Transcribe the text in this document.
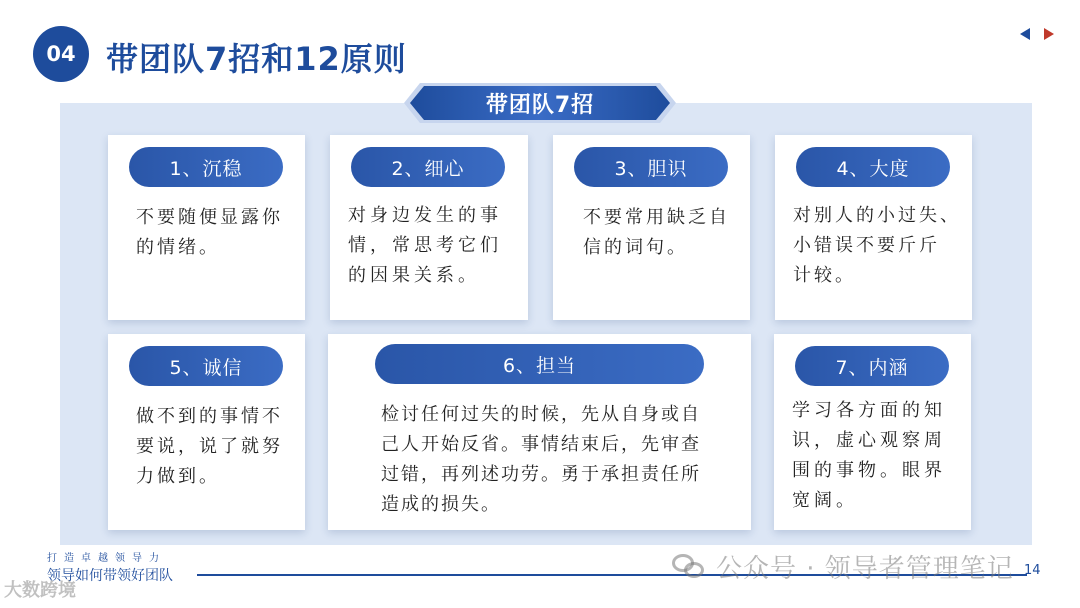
04 带团队7招和12原则
带团队7招
1、沉稳
不要随便显露你
的情绪。
2、细心
对身边发生的事
情，常思考它们
的因果关系。
3、胆识
不要常用缺乏自
信的词句。
4、大度
对别人的小过失、
小错误不要斤斤
计较。
5、诚信
做不到的事情不
要说，说了就努
力做到。
6、担当
检讨任何过失的时候，先从自身或自
己人开始反省。事情结束后，先审查
过错，再列述功劳。勇于承担责任所
造成的损失。
7、内涵
学习各方面的知
识，虚心观察周
围的事物。眼界
宽阔。
打造卓越领导力
领导如何带领好团队	14
公众号 · 领导者管理笔记
大数跨境
